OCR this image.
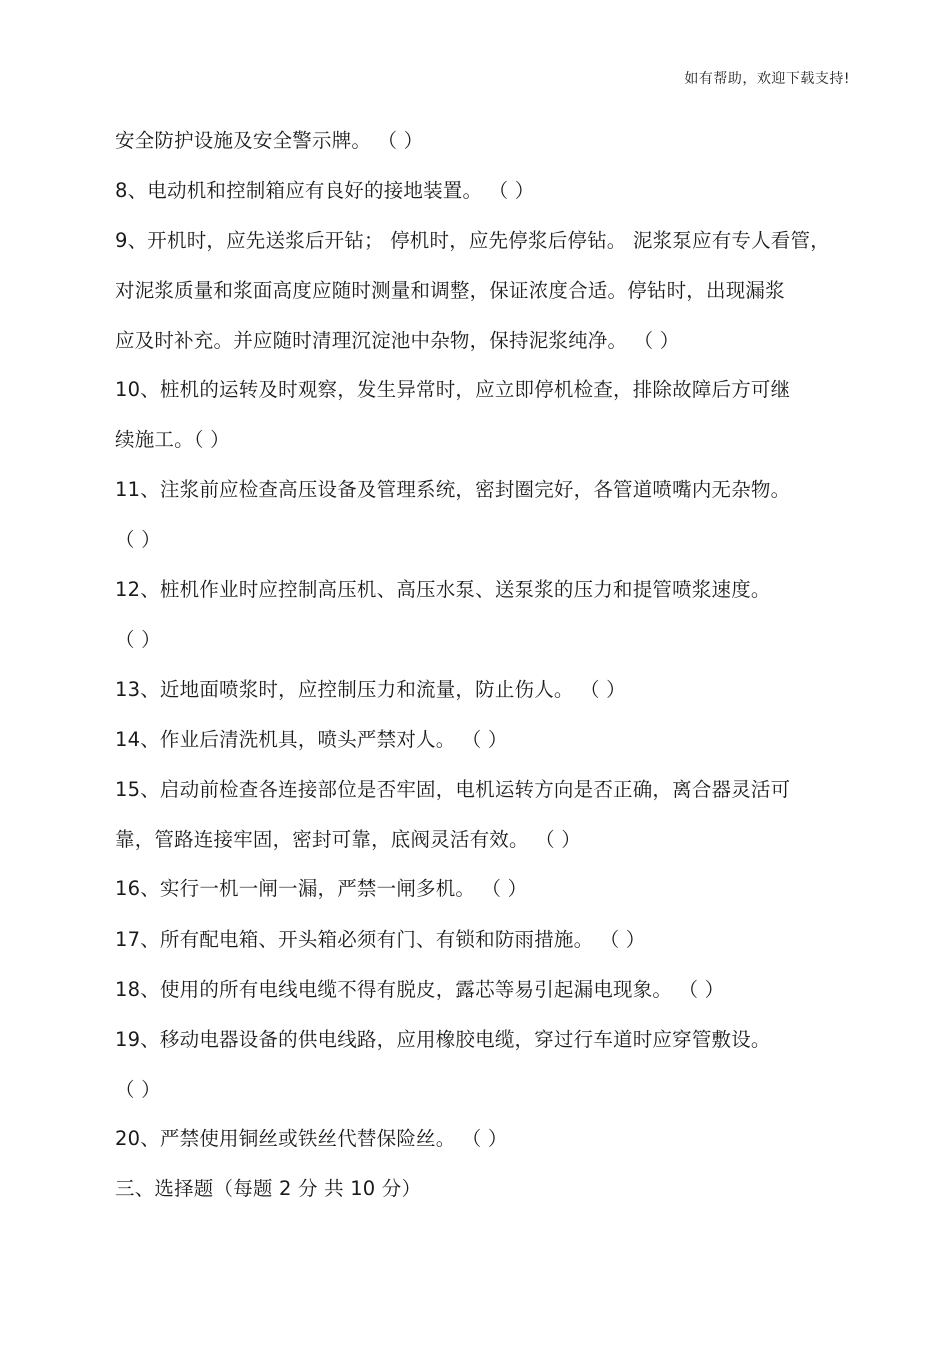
如有帮助，欢迎下载支持!
安全防护设施及安全警示牌。 （ ）
8、电动机和控制箱应有良好的接地装置。 （ ）
9、开机时，应先送浆后开钻； 停机时，应先停浆后停钻。 泥浆泵应有专人看管，
对泥浆质量和浆面高度应随时测量和调整，保证浓度合适。停钻时，出现漏浆
应及时补充。并应随时清理沉淀池中杂物，保持泥浆纯净。 （ ）
10、桩机的运转及时观察，发生异常时，应立即停机检查，排除故障后方可继
续施工。（ ）
11、注浆前应检查高压设备及管理系统，密封圈完好，各管道喷嘴内无杂物。
（ ）
12、桩机作业时应控制高压机、高压水泵、送泵浆的压力和提管喷浆速度。
（ ）
13、近地面喷浆时，应控制压力和流量，防止伤人。 （ ）
14、作业后清洗机具，喷头严禁对人。 （ ）
15、启动前检查各连接部位是否牢固，电机运转方向是否正确，离合器灵活可
靠，管路连接牢固，密封可靠，底阀灵活有效。 （ ）
16、实行一机一闸一漏，严禁一闸多机。 （ ）
17、所有配电箱、开头箱必须有门、有锁和防雨措施。 （ ）
18、使用的所有电线电缆不得有脱皮，露芯等易引起漏电现象。 （ ）
19、移动电器设备的供电线路，应用橡胶电缆，穿过行车道时应穿管敷设。
（ ）
20、严禁使用铜丝或铁丝代替保险丝。 （ ）
三、选择题（每题 2 分 共 10 分）
